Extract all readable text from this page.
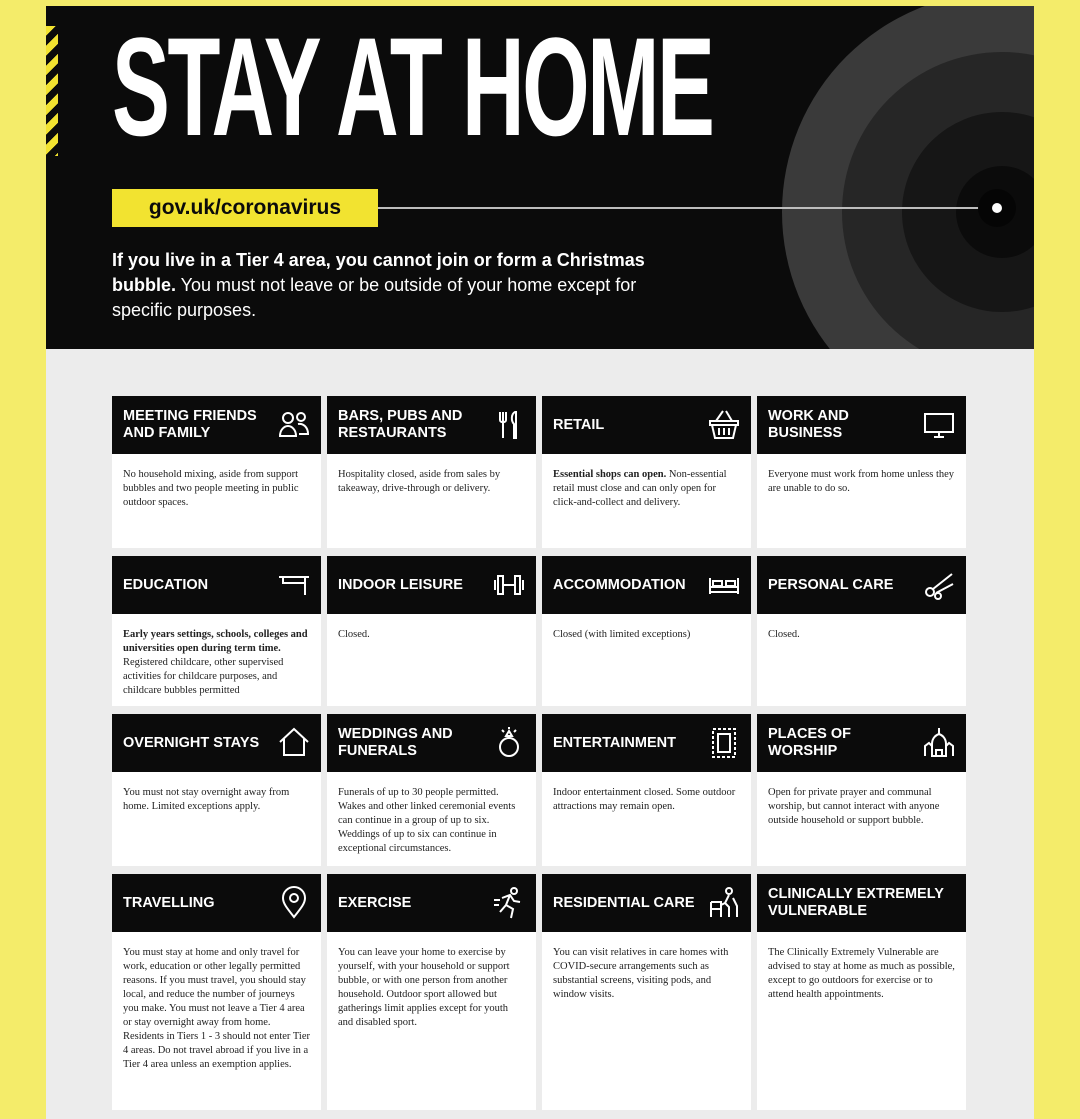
STAY AT HOME
gov.uk/coronavirus
If you live in a Tier 4 area, you cannot join or form a Christmas bubble. You must not leave or be outside of your home except for specific purposes.
MEETING FRIENDS AND FAMILY
No household mixing, aside from support bubbles and two people meeting in public outdoor spaces.
BARS, PUBS AND RESTAURANTS
Hospitality closed, aside from sales by takeaway, drive-through or delivery.
RETAIL
Essential shops can open. Non-essential retail must close and can only open for click-and-collect and delivery.
WORK AND BUSINESS
Everyone must work from home unless they are unable to do so.
EDUCATION
Early years settings, schools, colleges and universities open during term time. Registered childcare, other supervised activities for childcare purposes, and childcare bubbles permitted
INDOOR LEISURE
Closed.
ACCOMMODATION
Closed (with limited exceptions)
PERSONAL CARE
Closed.
OVERNIGHT STAYS
You must not stay overnight away from home. Limited exceptions apply.
WEDDINGS AND FUNERALS
Funerals of up to 30 people permitted. Wakes and other linked ceremonial events can continue in a group of up to six. Weddings of up to six can continue in exceptional circumstances.
ENTERTAINMENT
Indoor entertainment closed. Some outdoor attractions may remain open.
PLACES OF WORSHIP
Open for private prayer and communal worship, but cannot interact with anyone outside household or support bubble.
TRAVELLING
You must stay at home and only travel for work, education or other legally permitted reasons. If you must travel, you should stay local, and reduce the number of journeys you make. You must not leave a Tier 4 area or stay overnight away from home. Residents in Tiers 1 - 3 should not enter Tier 4 areas. Do not travel abroad if you live in a Tier 4 area unless an exemption applies.
EXERCISE
You can leave your home to exercise by yourself, with your household or support bubble, or with one person from another household. Outdoor sport allowed but gatherings limit applies except for youth and disabled sport.
RESIDENTIAL CARE
You can visit relatives in care homes with COVID-secure arrangements such as substantial screens, visiting pods, and window visits.
CLINICALLY EXTREMELY VULNERABLE
The Clinically Extremely Vulnerable are advised to stay at home as much as possible, except to go outdoors for exercise or to attend health appointments.
